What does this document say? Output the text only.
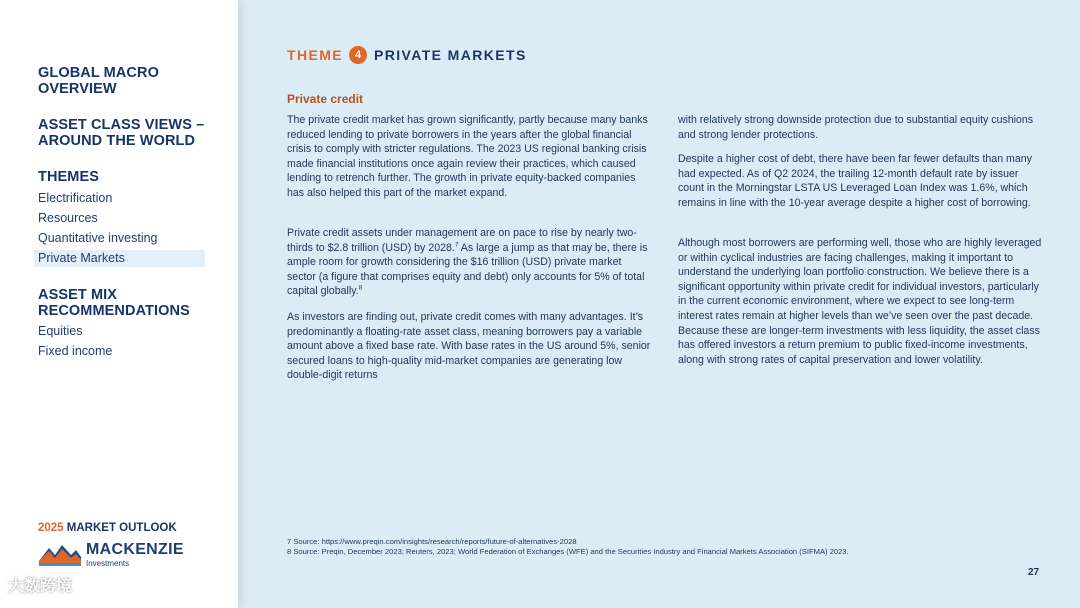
GLOBAL MACRO OVERVIEW
ASSET CLASS VIEWS – AROUND THE WORLD
THEMES
Electrification
Resources
Quantitative investing
Private Markets
ASSET MIX RECOMMENDATIONS
Equities
Fixed income
2025 MARKET OUTLOOK
MACKENZIE
Investments
大数跨境
THEME	4 PRIVATE MARKETS
Private credit
The private credit market has grown significantly, partly because many banks reduced lending to private borrowers in the years after the global financial crisis to comply with stricter regulations. The 2023 US regional banking crisis made financial institutions once again review their practices, which caused lending to retrench further. The growth in private equity-backed companies has also helped this part of the market expand.
Private credit assets under management are on pace to rise by nearly two-thirds to $2.8 trillion (USD) by 2028.$^7$ As large a jump as that may be, there is ample room for growth considering the $16 trillion (USD) private market sector (a figure that comprises equity and debt) only accounts for 5% of total capital globally.$^8$
As investors are finding out, private credit comes with many advantages. It’s predominantly a floating-rate asset class, meaning borrowers pay a variable amount above a fixed base rate. With base rates in the US around 5%, senior secured loans to high-quality mid-market companies are generating low double-digit returns
with relatively strong downside protection due to substantial equity cushions and strong lender protections.
Despite a higher cost of debt, there have been far fewer defaults than many had expected. As of Q2 2024, the trailing 12-month default rate by issuer count in the Morningstar LSTA US Leveraged Loan Index was 1.6%, which remains in line with the 10-year average despite a higher cost of borrowing.
Although most borrowers are performing well, those who are highly leveraged or within cyclical industries are facing challenges, making it important to understand the underlying loan portfolio construction. We believe there is a significant opportunity within private credit for individual investors, particularly in the current economic environment, where we expect to see long-term interest rates remain at higher levels than we’ve seen over the past decade. Because these are longer-term investments with less liquidity, the asset class has offered investors a return premium to public fixed-income investments, along with strong rates of capital preservation and lower volatility.
7 Source: https://www.preqin.com/insights/research/reports/future-of-alternatives-2028
8 Source: Preqin, December 2023; Reuters, 2023; World Federation of Exchanges (WFE) and the Securities Industry and Financial Markets Association (SIFMA) 2023.
27
